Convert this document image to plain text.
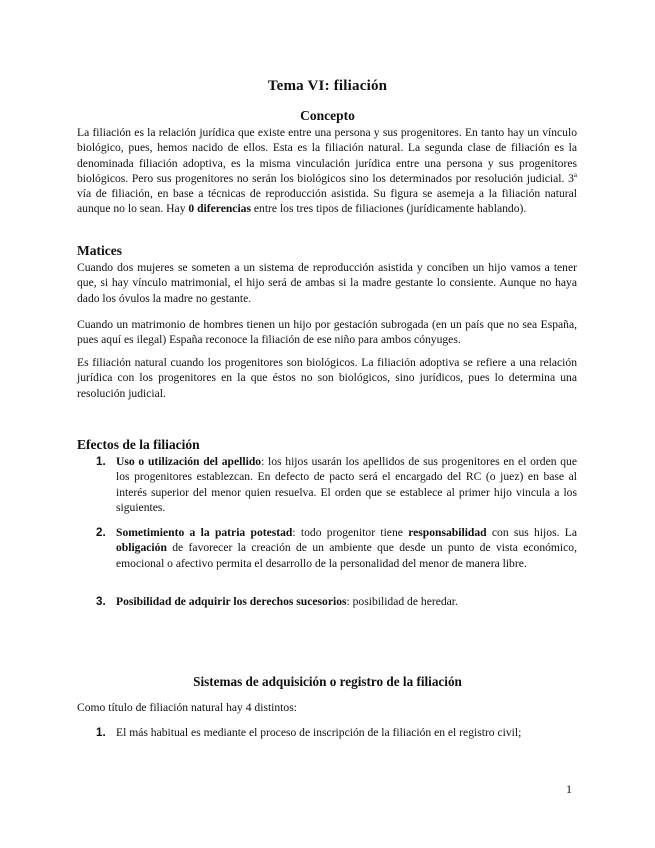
Tema VI: filiación
Concepto

La filiación es la relación jurídica que existe entre una persona y sus progenitores. En tanto hay un vínculo biológico, pues, hemos nacido de ellos. Esta es la filiación natural. La segunda clase de filiación es la denominada filiación adoptiva, es la misma vinculación jurídica entre una persona y sus progenitores biológicos. Pero sus progenitores no serán los biológicos sino los determinados por resolución judicial. 3$^a$ vía de filiación, en base a técnicas de reproducción asistida. Su figura se asemeja a la filiación natural aunque no lo sean. Hay 0 diferencias entre los tres tipos de filiaciones (jurídicamente hablando).

Matices

Cuando dos mujeres se someten a un sistema de reproducción asistida y conciben un hijo vamos a tener que, si hay vínculo matrimonial, el hijo será de ambas si la madre gestante lo consiente. Aunque no haya dado los óvulos la madre no gestante.

Cuando un matrimonio de hombres tienen un hijo por gestación subrogada (en un país que no sea España, pues aquí es ilegal) España reconoce la filiación de ese niño para ambos cónyuges.

Es filiación natural cuando los progenitores son biológicos. La filiación adoptiva se refiere a una relación jurídica con los progenitores en la que éstos no son biológicos, sino jurídicos, pues lo determina una resolución judicial.

Efectos de la filiación
1. Uso o utilización del apellido: los hijos usarán los apellidos de sus progenitores en el orden que los progenitores establezcan. En defecto de pacto será el encargado del RC (o juez) en base al interés superior del menor quien resuelva. El orden que se establece al primer hijo vincula a los siguientes.
2. Sometimiento a la patria potestad: todo progenitor tiene responsabilidad con sus hijos. La obligación de favorecer la creación de un ambiente que desde un punto de vista económico, emocional o afectivo permita el desarrollo de la personalidad del menor de manera libre.
3. Posibilidad de adquirir los derechos sucesorios: posibilidad de heredar.
Sistemas de adquisición o registro de la filiación

Como título de filiación natural hay 4 distintos:

1. El más habitual es mediante el proceso de inscripción de la filiación en el registro civil;
1
